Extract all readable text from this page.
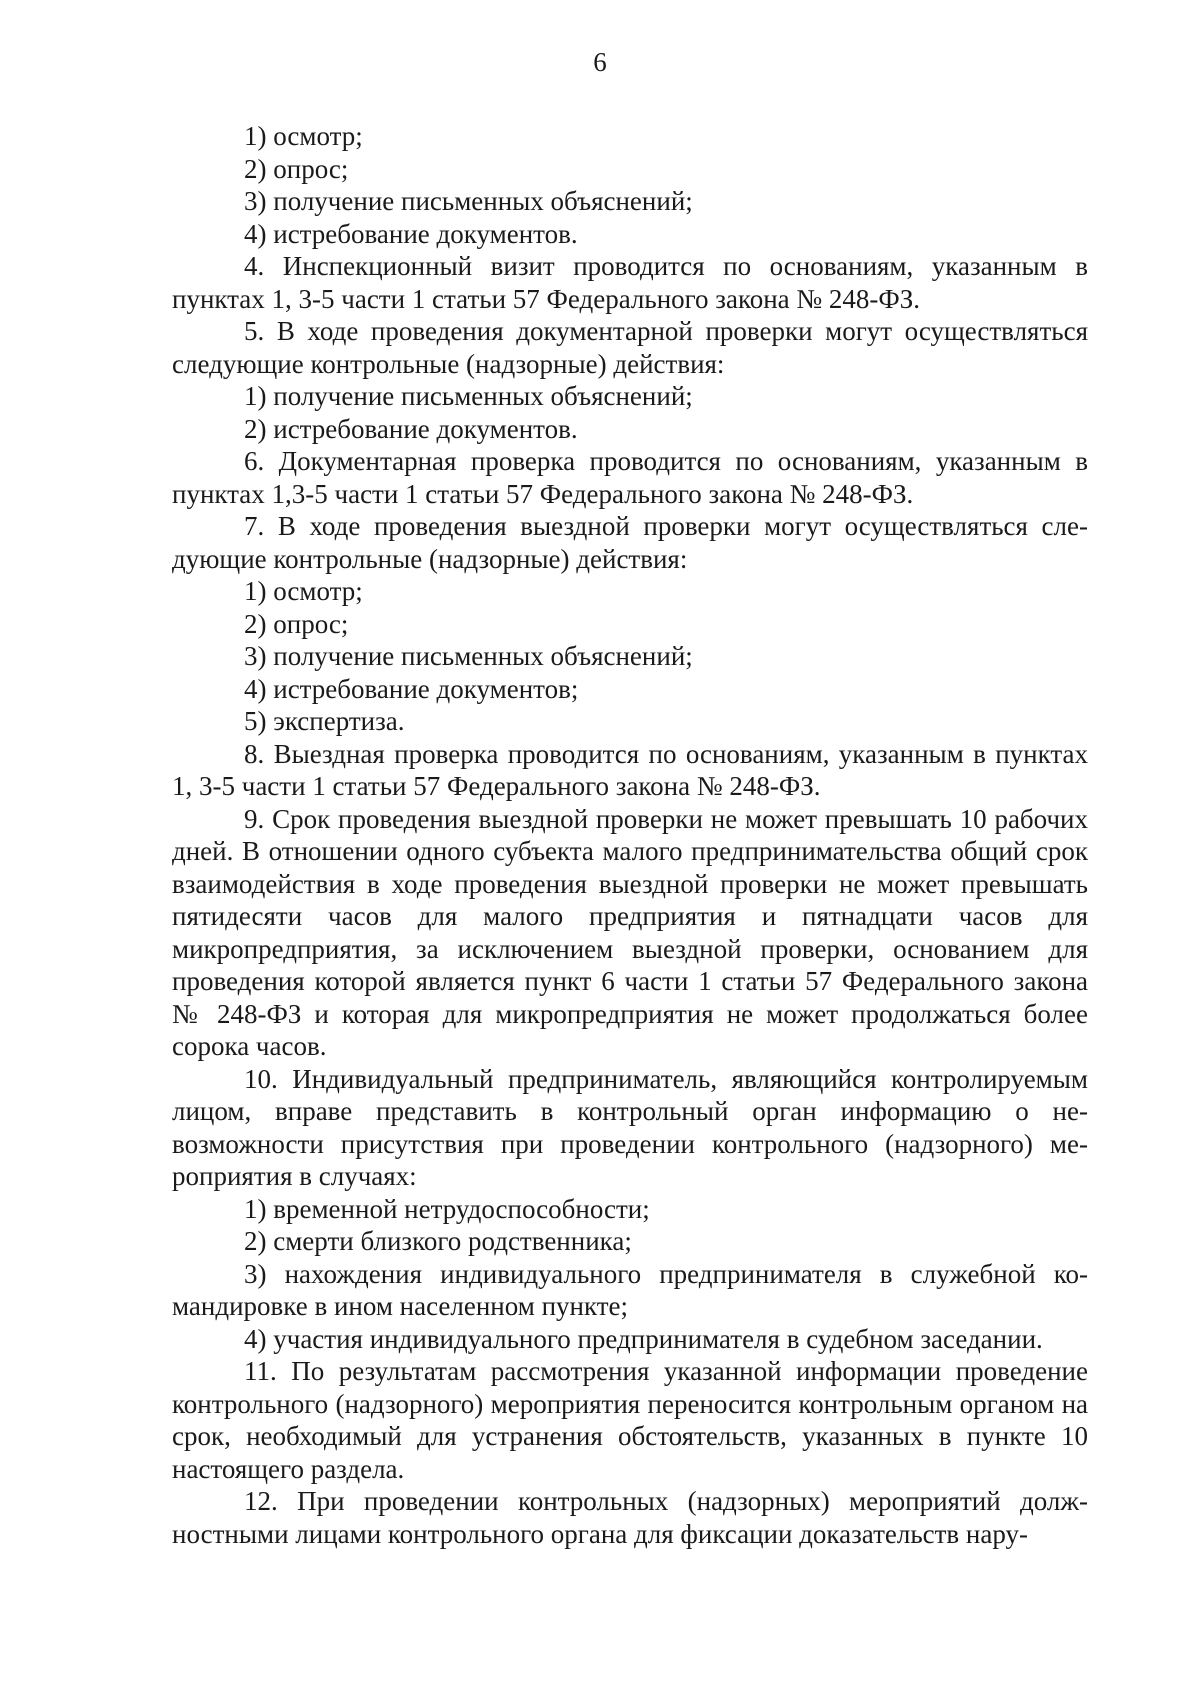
6

1) осмотр;

2) опрос;

3) получение письменных объяснений;

4) истребование документов.

4. Инспекционный визит проводится по основаниям, указанным в пунктах 1, 3-5 части 1 статьи 57 Федерального закона № 248-ФЗ.

5. В ходе проведения документарной проверки могут осуществляться следующие контрольные (надзорные) действия:

1) получение письменных объяснений;

2) истребование документов.

6. Документарная проверка проводится по основаниям, указанным в пунктах 1,3-5 части 1 статьи 57 Федерального закона № 248-ФЗ.

7. В ходе проведения выездной проверки могут осуществляться следующие контрольные (надзорные) действия:

1) осмотр;

2) опрос;

3) получение письменных объяснений;

4) истребование документов;

5) экспертиза.

8. Выездная проверка проводится по основаниям, указанным в пунктах 1, 3-5 части 1 статьи 57 Федерального закона № 248-ФЗ.

9. Срок проведения выездной проверки не может превышать 10 рабочих дней. В отношении одного субъекта малого предпринимательства общий срок взаимодействия в ходе проведения выездной проверки не может превышать пятидесяти часов для малого предприятия и пятнадцати часов для микропредприятия, за исключением выездной проверки, основанием для проведения которой является пункт 6 части 1 статьи 57 Федерального закона № 248-ФЗ и которая для микропредприятия не может продолжаться более сорока часов.

10. Индивидуальный предприниматель, являющийся контролируемым лицом, вправе представить в контрольный орган информацию о невозможности присутствия при проведении контрольного (надзорного) мероприятия в случаях:

1) временной нетрудоспособности;

2) смерти близкого родственника;

3) нахождения индивидуального предпринимателя в служебной командировке в ином населенном пункте;

4) участия индивидуального предпринимателя в судебном заседании.

11. По результатам рассмотрения указанной информации проведение контрольного (надзорного) мероприятия переносится контрольным органом на срок, необходимый для устранения обстоятельств, указанных в пункте 10 настоящего раздела.

12. При проведении контрольных (надзорных) мероприятий должностными лицами контрольного органа для фиксации доказательств нару-
